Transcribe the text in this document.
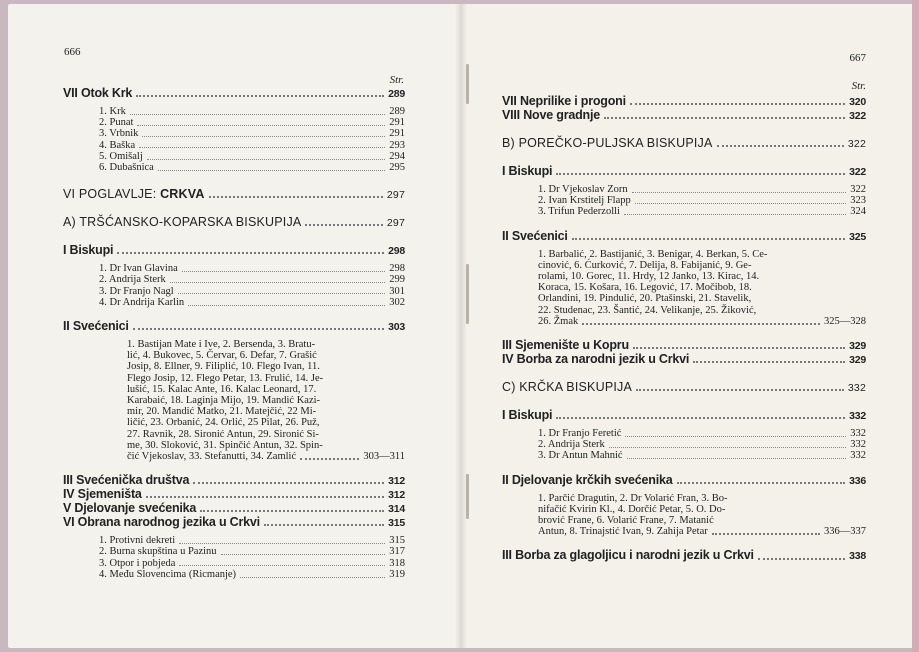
666
Str.
VII Otok Krk	289
1. Krk	289
2. Punat	291
3. Vrbnik	291
4. Baška	293
5. Omišalj	294
6. Dubašnica	295
VI POGLAVLJE: CRKVA	297
A) TRŠĆANSKO-KOPARSKA BISKUPIJA	297
I Biskupi	298
1. Dr Ivan Glavina	298
2. Andrija Sterk	299
3. Dr Franjo Nagl	301
4. Dr Andrija Karlin	302
II Svećenici	303
1. Bastijan Mate i Ive, 2. Bersenda, 3. Bratu-
lić, 4. Bukovec, 5. Červar, 6. Defar, 7. Grašić
Josip, 8. Ellner, 9. Filiplić, 10. Flego Ivan, 11.
Flego Josip, 12. Flego Petar, 13. Frulić, 14. Je-
lušić, 15. Kalac Ante, 16. Kalac Leonard, 17.
Karabaić, 18. Laginja Mijo, 19. Mandić Kazi-
mir, 20. Mandić Matko, 21. Matejčić, 22 Mi-
ličić, 23. Orbanić, 24. Orlić, 25 Pilat, 26. Puž,
27. Ravnik, 28. Sironić Antun, 29. Sironić Si-
me, 30. Sloković, 31. Spinčić Antun, 32. Spin-
čić Vjekoslav, 33. Stefanutti, 34. Zamlić	303—311
III Svećenička društva	312
IV Sjemeništa	312
V Djelovanje svećenika	314
VI Obrana narodnog jezika u Crkvi	315
1. Protivni dekreti	315
2. Burna skupština u Pazinu	317
3. Otpor i pobjeda	318
4. Među Slovencima (Ricmanje)	319
667
Str.
VII Neprilike i progoni	320
VIII Nove gradnje	322
B) POREČKO-PULJSKA BISKUPIJA	322
I Biskupi	322
1. Dr Vjekoslav Zorn	322
2. Ivan Krstitelj Flapp	323
3. Trifun Pederzolli	324
II Svećenici	325
1. Barbalić, 2. Bastijanić, 3. Benigar, 4. Berkan, 5. Ce-
cinović, 6. Ćurković, 7. Delija, 8. Fabijanić, 9. Ge-
rolami, 10. Gorec, 11. Hrdy, 12 Janko, 13. Kirac, 14.
Koraca, 15. Košara, 16. Legović, 17. Močibob, 18.
Orlandini, 19. Pindulić, 20. Ptašinski, 21. Stavelik,
22. Studenac, 23. Šantić, 24. Velikanje, 25. Žiković,
26. Žmak	325—328
III Sjemenište u Kopru	329
IV Borba za narodni jezik u Crkvi	329
C) KRČKA BISKUPIJA	332
I Biskupi	332
1. Dr Franjo Feretić	332
2. Andrija Sterk	332
3. Dr Antun Mahnić	332
II Djelovanje krčkih svećenika	336
1. Parčić Dragutin, 2. Dr Volarić Fran, 3. Bo-
nifačić Kvirin Kl., 4. Dorčić Petar, 5. O. Do-
brović Frane, 6. Volarić Frane, 7. Matanić
Antun, 8. Trinajstić Ivan, 9. Zahija Petar	336—337
III Borba za glagoljicu i narodni jezik u Crkvi	338
